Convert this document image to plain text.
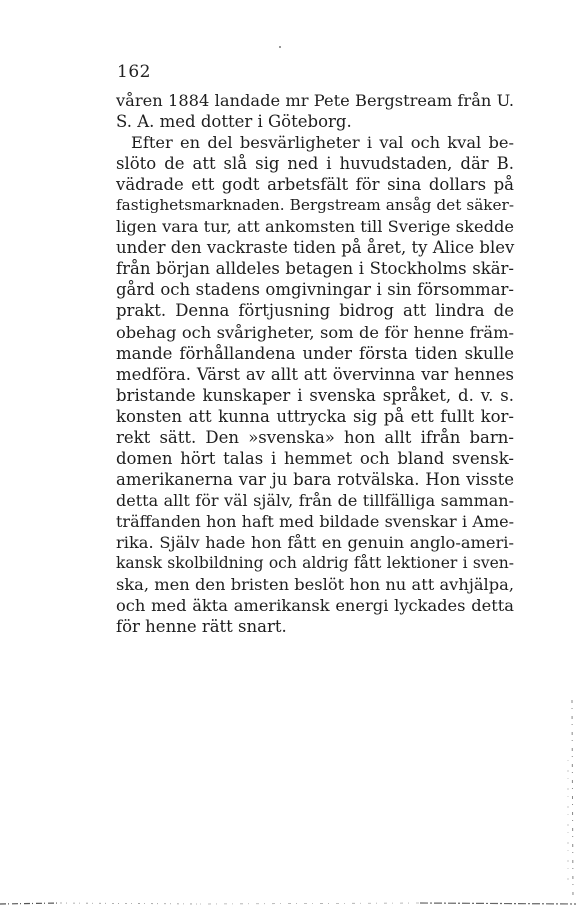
162
våren 1884 landade mr Pete Bergstream från U.
S. A. med dotter i Göteborg.
Efter en del besvärligheter i val och kval be-
slöto de att slå sig ned i huvudstaden, där B.
vädrade ett godt arbetsfält för sina dollars på
fastighetsmarknaden. Bergstream ansåg det säker-
ligen vara tur, att ankomsten till Sverige skedde
under den vackraste tiden på året, ty Alice blev
från början alldeles betagen i Stockholms skär-
gård och stadens omgivningar i sin försommar-
prakt. Denna förtjusning bidrog att lindra de
obehag och svårigheter, som de för henne främ-
mande förhållandena under första tiden skulle
medföra. Värst av allt att övervinna var hennes
bristande kunskaper i svenska språket, d. v. s.
konsten att kunna uttrycka sig på ett fullt kor-
rekt sätt. Den »svenska» hon allt ifrån barn-
domen hört talas i hemmet och bland svensk-
amerikanerna var ju bara rotvälska. Hon visste
detta allt för väl själv, från de tillfälliga samman-
träffanden hon haft med bildade svenskar i Ame-
rika. Själv hade hon fått en genuin anglo-ameri-
kansk skolbildning och aldrig fått lektioner i sven-
ska, men den bristen beslöt hon nu att avhjälpa,
och med äkta amerikansk energi lyckades detta
för henne rätt snart.
